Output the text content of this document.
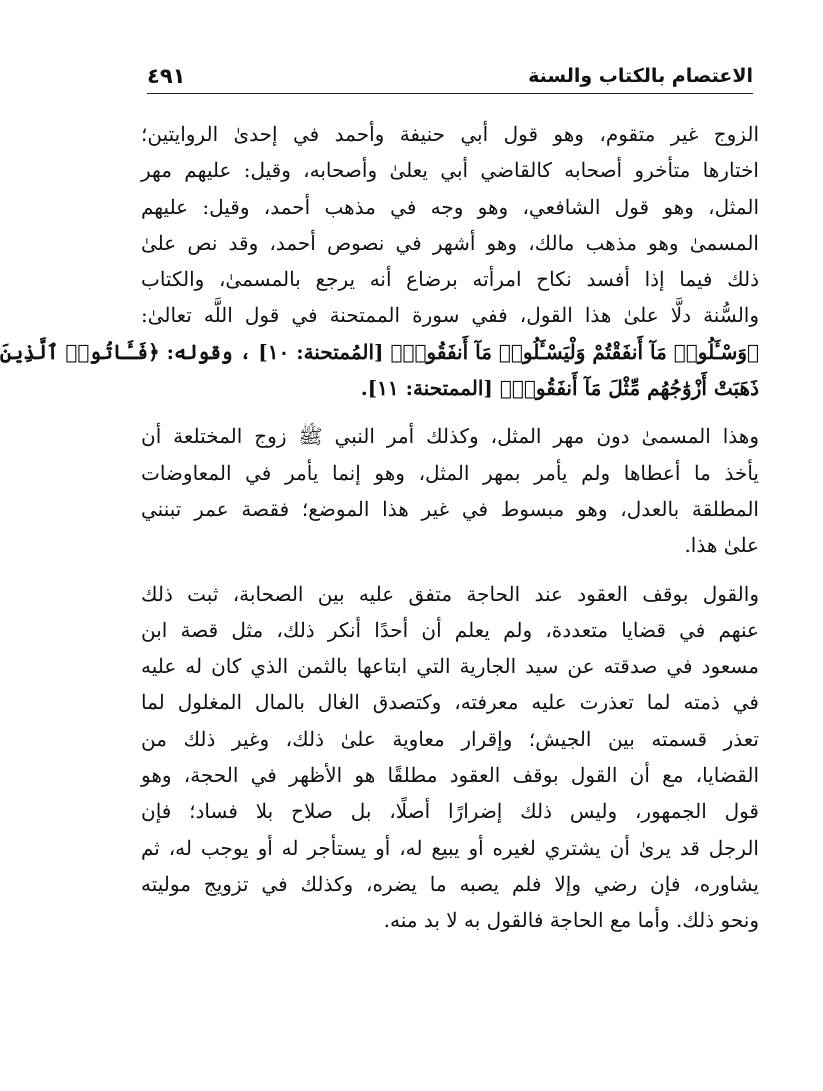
الاعتصام بالكتاب والسنة
٤٩١
الزوج غير متقوم، وهو قول أبي حنيفة وأحمد في إحدىٰ الروايتين؛
اختارها متأخرو أصحابه كالقاضي أبي يعلىٰ وأصحابه، وقيل: عليهم مهر
المثل، وهو قول الشافعي، وهو وجه في مذهب أحمد، وقيل: عليهم
المسمىٰ وهو مذهب مالك، وهو أشهر في نصوص أحمد، وقد نص علىٰ
ذلك فيما إذا أفسد نكاح امرأته برضاع أنه يرجع بالمسمىٰ، والكتاب
والسُّنة دلَّا علىٰ هذا القول، ففي سورة الممتحنة في قول اللَّه تعالىٰ:
﴿وَسْـَٔلُوا۟ مَآ أَنفَقْتُمْ وَلْيَسْـَٔلُوا۟ مَآ أَنفَقُوا۟﴾ [المُمتحنة: ١٠] ، وقوله: ﴿فَـَٔاتُوا۟ ٱلَّذِينَ
ذَهَبَتْ أَزْوَٰجُهُم مِّثْلَ مَآ أَنفَقُوا۟﴾ [الممتحنة: ١١].
وهذا المسمىٰ دون مهر المثل، وكذلك أمر النبي ﷺ زوج المختلعة أن
يأخذ ما أعطاها ولم يأمر بمهر المثل، وهو إنما يأمر في المعاوضات
المطلقة بالعدل، وهو مبسوط في غير هذا الموضع؛ فقصة عمر تبنني
علىٰ هذا.
والقول بوقف العقود عند الحاجة متفق عليه بين الصحابة، ثبت ذلك
عنهم في قضايا متعددة، ولم يعلم أن أحدًا أنكر ذلك، مثل قصة ابن
مسعود في صدقته عن سيد الجارية التي ابتاعها بالثمن الذي كان له عليه
في ذمته لما تعذرت عليه معرفته، وكتصدق الغال بالمال المغلول لما
تعذر قسمته بين الجيش؛ وإقرار معاوية علىٰ ذلك، وغير ذلك من
القضايا، مع أن القول بوقف العقود مطلقًا هو الأظهر في الحجة، وهو
قول الجمهور، وليس ذلك إضرارًا أصلًا، بل صلاح بلا فساد؛ فإن
الرجل قد يرىٰ أن يشتري لغيره أو يبيع له، أو يستأجر له أو يوجب له، ثم
يشاوره، فإن رضي وإلا فلم يصبه ما يضره، وكذلك في تزويج موليته
ونحو ذلك. وأما مع الحاجة فالقول به لا بد منه.
